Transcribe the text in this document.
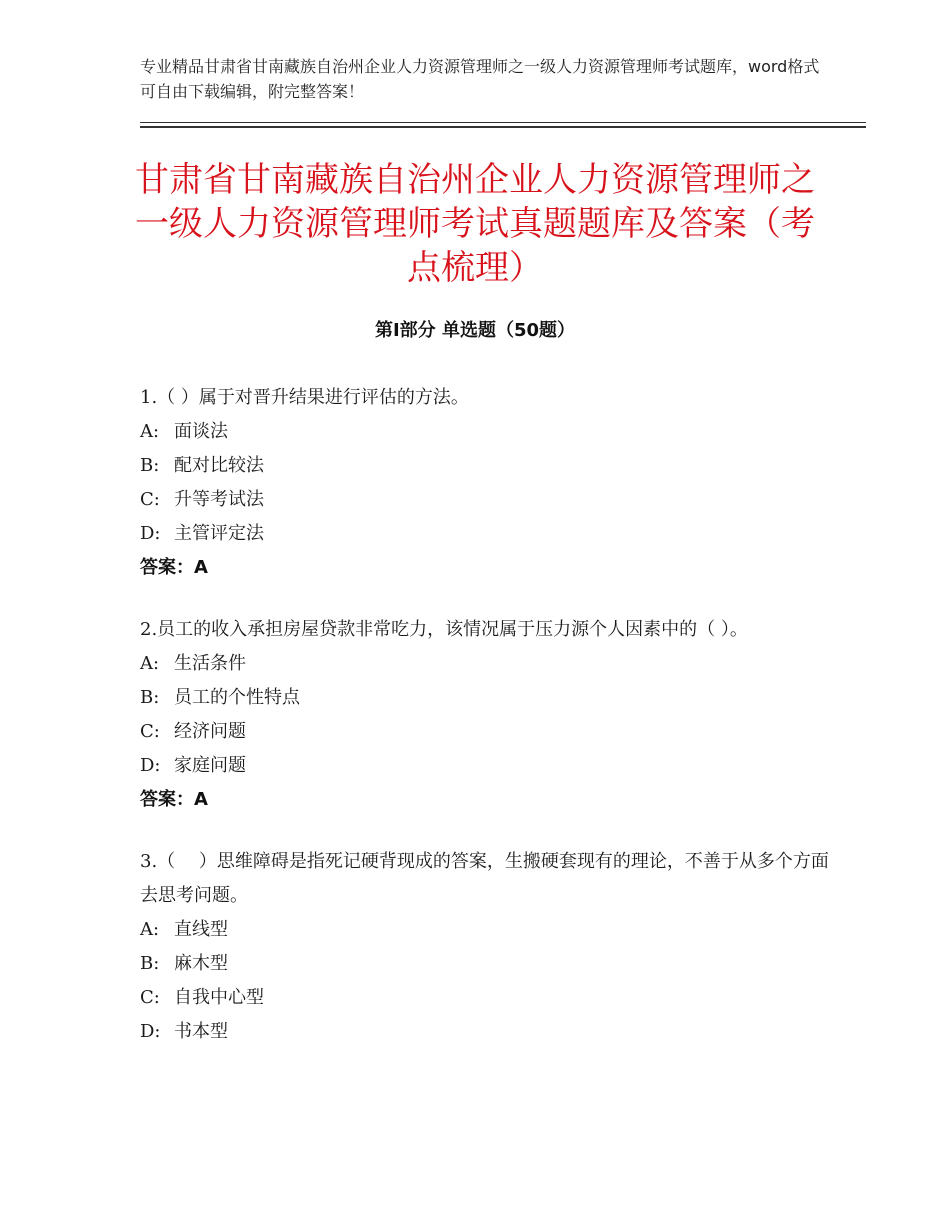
专业精品甘肃省甘南藏族自治州企业人力资源管理师之一级人力资源管理师考试题库，word格式可自由下载编辑，附完整答案！
甘肃省甘南藏族自治州企业人力资源管理师之一级人力资源管理师考试真题题库及答案（考点梳理）
第Ⅰ部分 单选题（50题）

1.（ ）属于对晋升结果进行评估的方法。

A: 面谈法

B: 配对比较法

C: 升等考试法

D: 主管评定法

答案：A

2.员工的收入承担房屋贷款非常吃力，该情况属于压力源个人因素中的（ ）。

A: 生活条件

B: 员工的个性特点

C: 经济问题

D: 家庭问题

答案：A

3.（　 ）思维障碍是指死记硬背现成的答案，生搬硬套现有的理论，不善于从多个方面去思考问题。

A: 直线型

B: 麻木型

C: 自我中心型

D: 书本型
